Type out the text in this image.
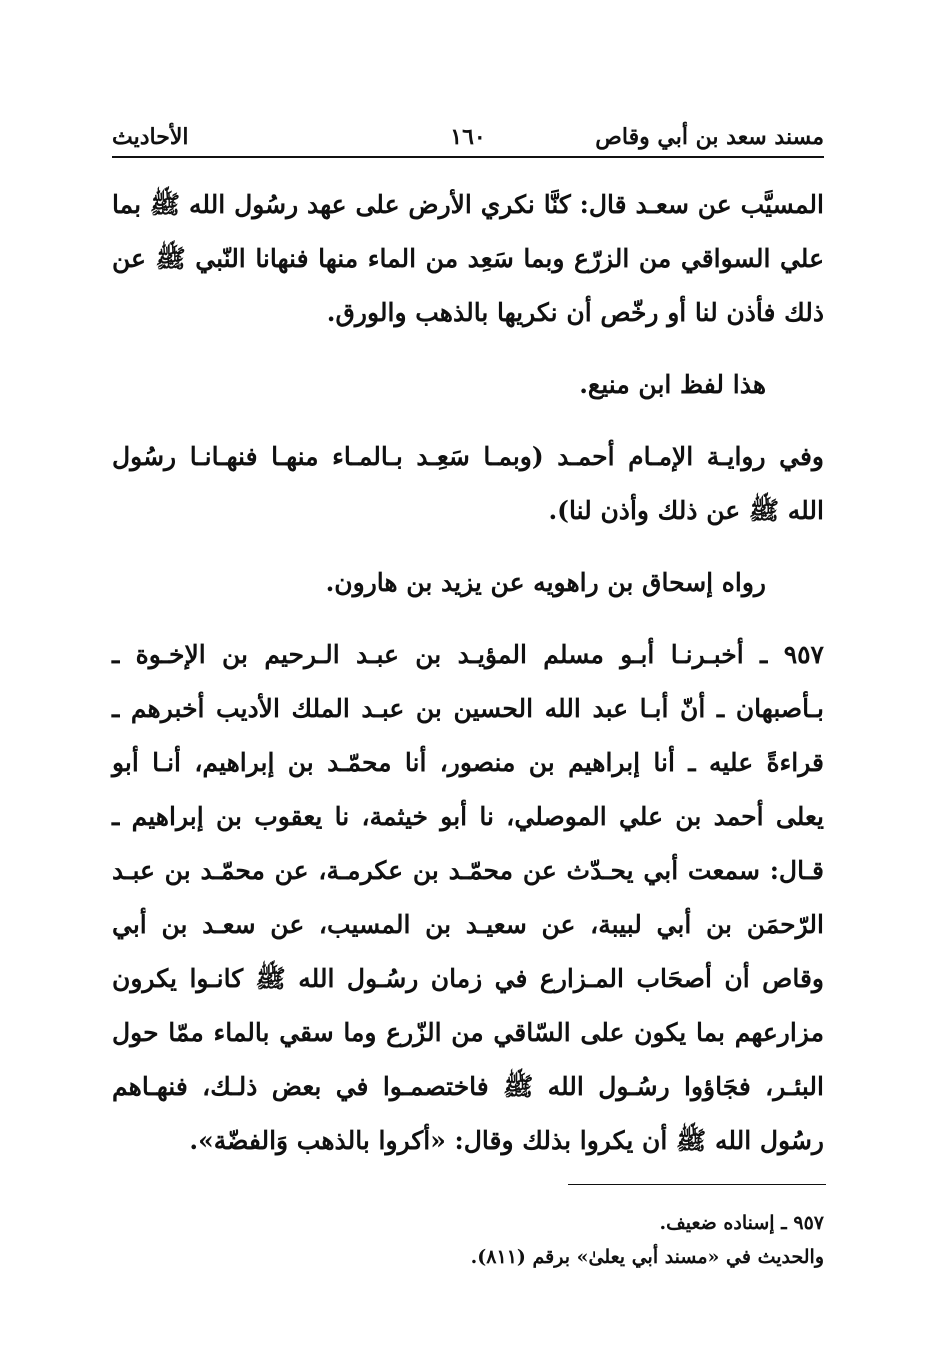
مسند سعد بن أبي وقاص
١٦٠
الأحاديث

المسيَّب عن سعـد قال: كنَّا نكري الأرض على عهد رسُول الله ﷺ بما علي السواقي من الزرّع وبما سَعِد من الماء منها فنهانا النّبي ﷺ عن ذلك فأذن لنا أو رخّص أن نكريها بالذهب والورق.

هذا لفظ ابن منيع.

وفي روايـة الإمـام أحمـد (وبمـا سَعِـد بـالمـاء منهـا فنهـانـا رسُول الله ﷺ عن ذلك وأذن لنا).

رواه إسحاق بن راهويه عن يزيد بن هارون.

٩٥٧ ـ أخبـرنـا أبـو مسلم المؤيـد بن عبـد الـرحيم بن الإخـوة ـ بـأصبهان ـ أنّ أبـا عبد الله الحسين بن عبـد الملك الأديب أخبرهم ـ قراءةً عليه ـ أنا إبراهيم بن منصور، أنا محمّـد بن إبراهيم، أنـا أبو يعلى أحمد بن علي الموصلي، نا أبو خيثمة، نا يعقوب بن إبراهيم ـ قـال: سمعت أبي يحـدّث عن محمّـد بن عكرمـة، عن محمّـد بن عبـد الرّحمَن بن أبي لبيبة، عن سعيـد بن المسيب، عن سعـد بن أبي وقاص أن أصحَاب المـزارع في زمان رسُـول الله ﷺ كانـوا يكرون مزارعهم بما يكون على السّاقي من الزّرع وما سقي بالماء ممّا حول البئـر، فجَاؤوا رسُـول الله ﷺ فاختصمـوا في بعض ذلـك، فنهـاهم رسُول الله ﷺ أن يكروا بذلك وقال: «أكروا بالذهب وَالفضّة».

٩٥٧ ـ إسناده ضعيف.

والحديث في «مسند أبي يعلىٰ» برقم (٨١١).
